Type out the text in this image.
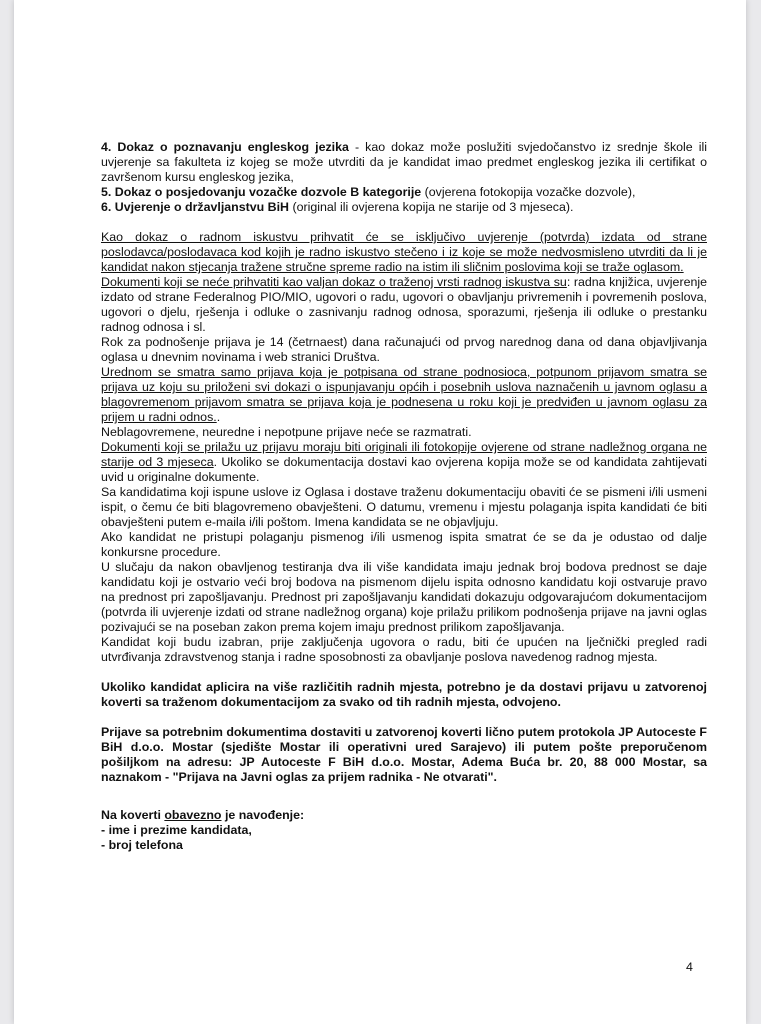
4. Dokaz o poznavanju engleskog jezika - kao dokaz može poslužiti svjedočanstvo iz srednje škole ili uvjerenje sa fakulteta iz kojeg se može utvrditi da je kandidat imao predmet engleskog jezika ili certifikat o završenom kursu engleskog jezika,

5. Dokaz o posjedovanju vozačke dozvole B kategorije (ovjerena fotokopija vozačke dozvole),

6. Uvjerenje o državljanstvu BiH (original ili ovjerena kopija ne starije od 3 mjeseca).

Kao dokaz o radnom iskustvu prihvatit će se isključivo uvjerenje (potvrda) izdata od strane poslodavca/poslodavaca kod kojih je radno iskustvo stečeno i iz koje se može nedvosmisleno utvrditi da li je kandidat nakon stjecanja tražene stručne spreme radio na istim ili sličnim poslovima koji se traže oglasom.

Dokumenti koji se neće prihvatiti kao valjan dokaz o traženoj vrsti radnog iskustva su: radna knjižica, uvjerenje izdato od strane Federalnog PIO/MIO, ugovori o radu, ugovori o obavljanju privremenih i povremenih poslova, ugovori o djelu, rješenja i odluke o zasnivanju radnog odnosa, sporazumi, rješenja ili odluke o prestanku radnog odnosa i sl.

Rok za podnošenje prijava je 14 (četrnaest) dana računajući od prvog narednog dana od dana objavljivanja oglasa u dnevnim novinama i web stranici Društva.

Urednom se smatra samo prijava koja je potpisana od strane podnosioca, potpunom prijavom smatra se prijava uz koju su priloženi svi dokazi o ispunjavanju općih i posebnih uslova naznačenih u javnom oglasu a blagovremenom prijavom smatra se prijava koja je podnesena u roku koji je predviđen u javnom oglasu za prijem u radni odnos..

Neblagovremene, neuredne i nepotpune prijave neće se razmatrati.

Dokumenti koji se prilažu uz prijavu moraju biti originali ili fotokopije ovjerene od strane nadležnog organa ne starije od 3 mjeseca. Ukoliko se dokumentacija dostavi kao ovjerena kopija može se od kandidata zahtijevati uvid u originalne dokumente.

Sa kandidatima koji ispune uslove iz Oglasa i dostave traženu dokumentaciju obaviti će se pismeni i/ili usmeni ispit, o čemu će biti blagovremeno obavješteni. O datumu, vremenu i mjestu polaganja ispita kandidati će biti obavješteni putem e-maila i/ili poštom. Imena kandidata se ne objavljuju.

Ako kandidat ne pristupi polaganju pismenog i/ili usmenog ispita smatrat će se da je odustao od dalje konkursne procedure.

U slučaju da nakon obavljenog testiranja dva ili više kandidata imaju jednak broj bodova prednost se daje kandidatu koji je ostvario veći broj bodova na pismenom dijelu ispita odnosno kandidatu koji ostvaruje pravo na prednost pri zapošljavanju. Prednost pri zapošljavanju kandidati dokazuju odgovarajućom dokumentacijom (potvrda ili uvjerenje izdati od strane nadležnog organa) koje prilažu prilikom podnošenja prijave na javni oglas pozivajući se na poseban zakon prema kojem imaju prednost prilikom zapošljavanja.

Kandidat koji budu izabran, prije zaključenja ugovora o radu, biti će upućen na lječnički pregled radi utvrđivanja zdravstvenog stanja i radne sposobnosti za obavljanje poslova navedenog radnog mjesta.

Ukoliko kandidat aplicira na više različitih radnih mjesta, potrebno je da dostavi prijavu u zatvorenoj koverti sa traženom dokumentacijom za svako od tih radnih mjesta, odvojeno.

Prijave sa potrebnim dokumentima dostaviti u zatvorenoj koverti lično putem protokola JP Autoceste F BiH d.o.o. Mostar (sjedište Mostar ili operativni ured Sarajevo) ili putem pošte preporučenom pošiljkom na adresu: JP Autoceste F BiH d.o.o. Mostar, Adema Buća br. 20, 88 000 Mostar, sa naznakom - "Prijava na Javni oglas za prijem radnika - Ne otvarati".

Na koverti obavezno je navođenje:

- ime i prezime kandidata,

- broj telefona

4
